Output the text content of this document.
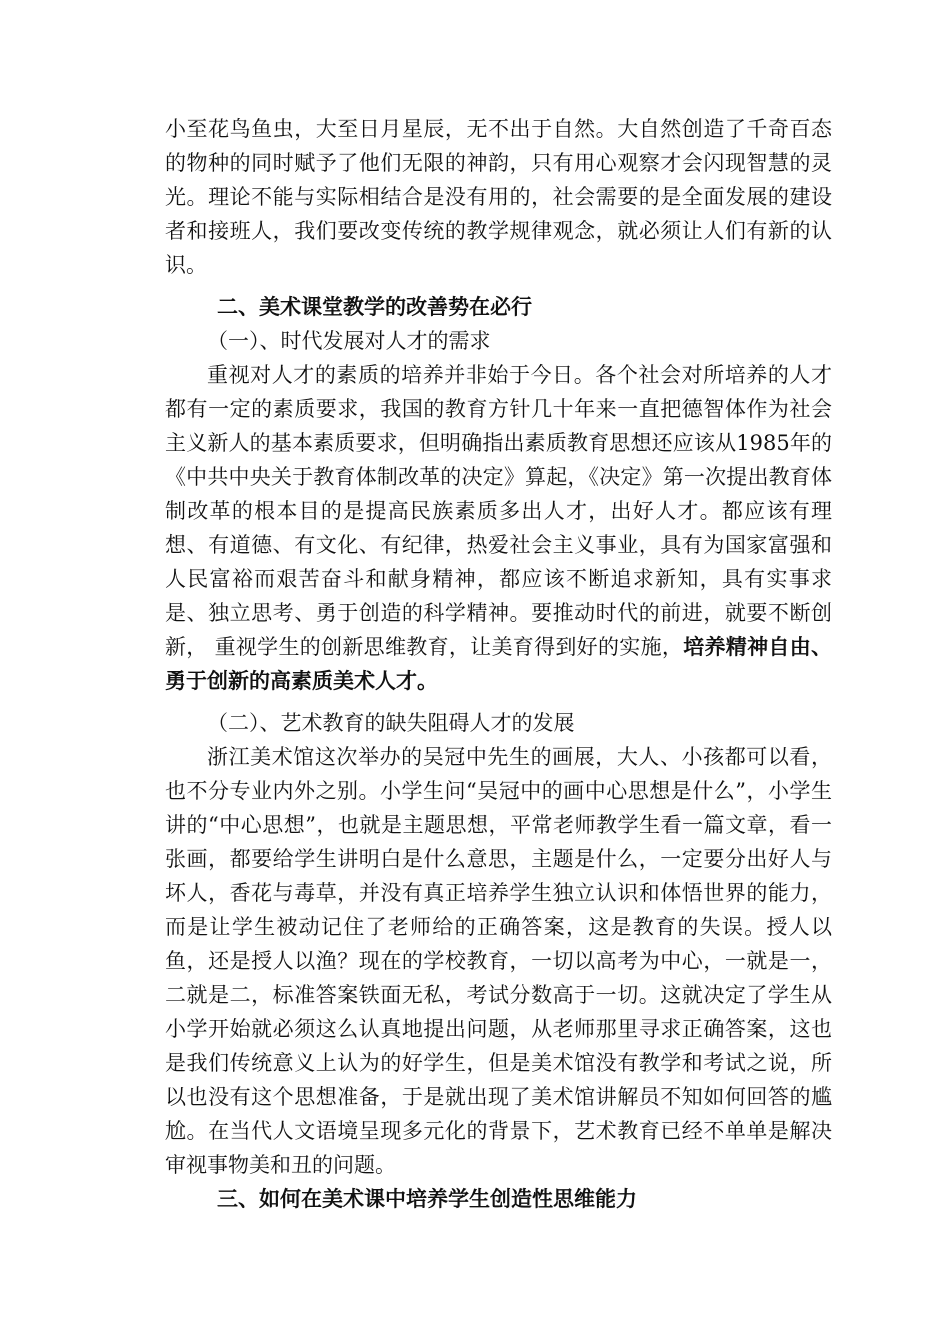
小至花鸟鱼虫，大至日月星辰，无不出于自然。大自然创造了千奇百态的物种的同时赋予了他们无限的神韵，只有用心观察才会闪现智慧的灵光。理论不能与实际相结合是没有用的，社会需要的是全面发展的建设者和接班人，我们要改变传统的教学规律观念，就必须让人们有新的认识。

二、美术课堂教学的改善势在必行

（一）、时代发展对人才的需求

重视对人才的素质的培养并非始于今日。各个社会对所培养的人才都有一定的素质要求，我国的教育方针几十年来一直把德智体作为社会主义新人的基本素质要求，但明确指出素质教育思想还应该从1985年的《中共中央关于教育体制改革的决定》算起，《决定》第一次提出教育体制改革的根本目的是提高民族素质多出人才，出好人才。都应该有理想、有道德、有文化、有纪律，热爱社会主义事业，具有为国家富强和人民富裕而艰苦奋斗和献身精神，都应该不断追求新知，具有实事求是、独立思考、勇于创造的科学精神。要推动时代的前进，就要不断创新， 重视学生的创新思维教育，让美育得到好的实施，培养精神自由、勇于创新的高素质美术人才。

（二）、艺术教育的缺失阻碍人才的发展

浙江美术馆这次举办的吴冠中先生的画展，大人、小孩都可以看，也不分专业内外之别。小学生问“吴冠中的画中心思想是什么”，小学生讲的“中心思想”，也就是主题思想，平常老师教学生看一篇文章，看一张画，都要给学生讲明白是什么意思，主题是什么，一定要分出好人与坏人，香花与毒草，并没有真正培养学生独立认识和体悟世界的能力，而是让学生被动记住了老师给的正确答案，这是教育的失误。授人以鱼，还是授人以渔？现在的学校教育，一切以高考为中心，一就是一，二就是二，标准答案铁面无私，考试分数高于一切。这就决定了学生从小学开始就必须这么认真地提出问题，从老师那里寻求正确答案，这也是我们传统意义上认为的好学生，但是美术馆没有教学和考试之说，所以也没有这个思想准备，于是就出现了美术馆讲解员不知如何回答的尴尬。在当代人文语境呈现多元化的背景下，艺术教育已经不单单是解决审视事物美和丑的问题。

三、如何在美术课中培养学生创造性思维能力
